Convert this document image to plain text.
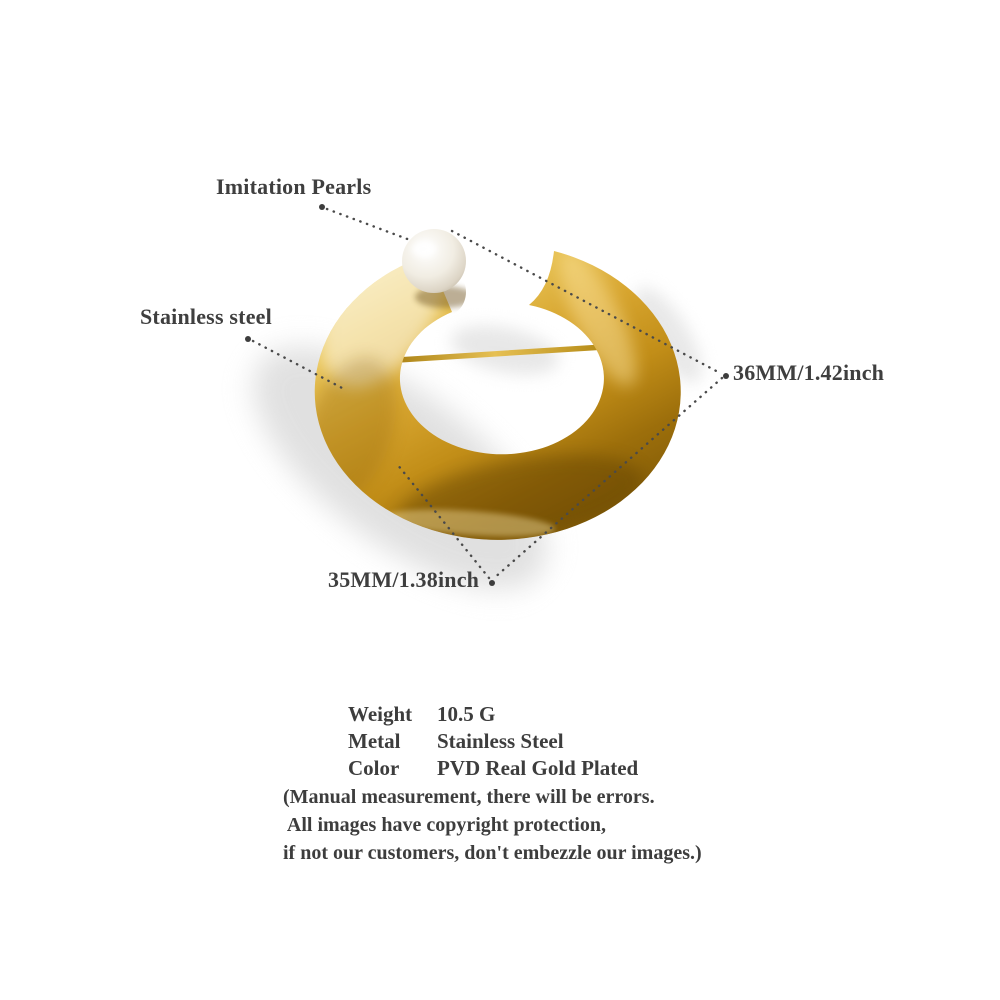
Imitation Pearls
Stainless steel
36MM/1.42inch
35MM/1.38inch
Weight	10.5 G
Metal	Stainless Steel
Color	PVD Real Gold Plated
(Manual measurement, there will be errors.
All images have copyright protection,
if not our customers, don't embezzle our images.)
